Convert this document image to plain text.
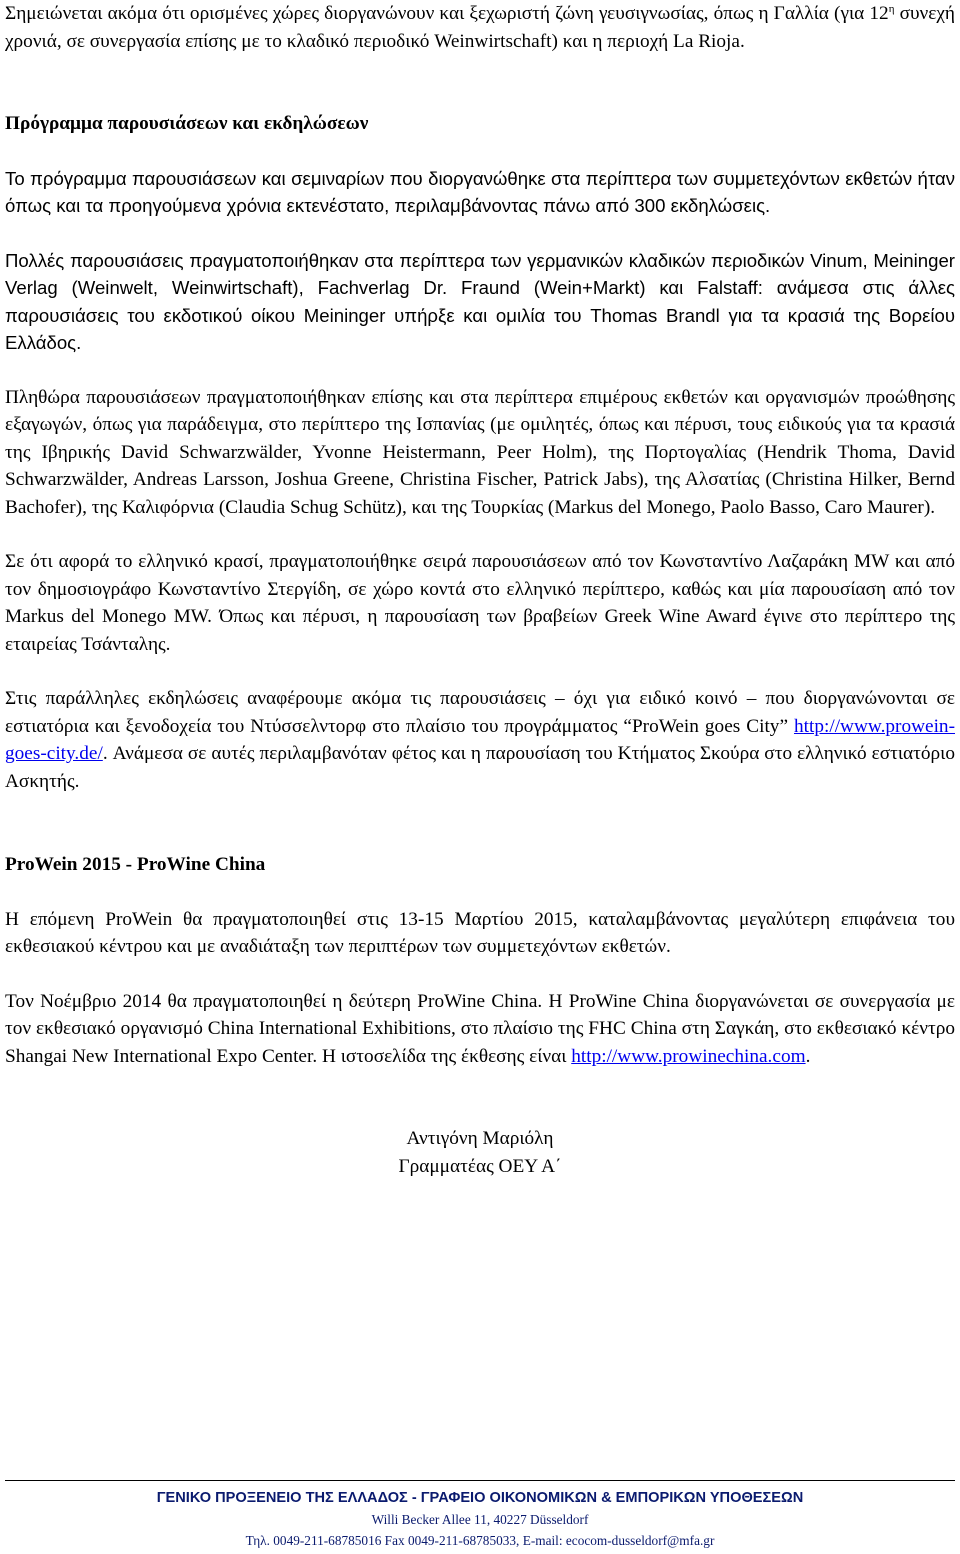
Σημειώνεται ακόμα ότι ορισμένες χώρες διοργανώνουν και ξεχωριστή ζώνη γευσιγνωσίας, όπως η Γαλλία (για $12^\eta$ συνεχή χρονιά, σε συνεργασία επίσης με το κλαδικό περιοδικό Weinwirtschaft) και η περιοχή La Rioja.

Πρόγραμμα παρουσιάσεων και εκδηλώσεων

Το πρόγραμμα παρουσιάσεων και σεμιναρίων που διοργανώθηκε στα περίπτερα των συμμετεχόντων εκθετών ήταν όπως και τα προηγούμενα χρόνια εκτενέστατο, περιλαμβάνοντας πάνω από 300 εκδηλώσεις.

Πολλές παρουσιάσεις πραγματοποιήθηκαν στα περίπτερα των γερμανικών κλαδικών περιοδικών Vinum, Meininger Verlag (Weinwelt, Weinwirtschaft), Fachverlag Dr. Fraund (Wein+Markt) και Falstaff: ανάμεσα στις άλλες παρουσιάσεις του εκδοτικού οίκου Meininger υπήρξε και ομιλία του Thomas Brandl για τα κρασιά της Βορείου Ελλάδος.

Πληθώρα παρουσιάσεων πραγματοποιήθηκαν επίσης και στα περίπτερα επιμέρους εκθετών και οργανισμών προώθησης εξαγωγών, όπως για παράδειγμα, στο περίπτερο της Ισπανίας (με ομιλητές, όπως και πέρυσι, τους ειδικούς για τα κρασιά της Ιβηρικής David Schwarzwälder, Yvonne Heistermann, Peer Holm), της Πορτογαλίας (Hendrik Thoma, David Schwarzwälder, Andreas Larsson, Joshua Greene, Christina Fischer, Patrick Jabs), της Αλσατίας (Christina Hilker, Bernd Bachofer), της Καλιφόρνια (Claudia Schug Schütz), και της Τουρκίας (Markus del Monego, Paolo Basso, Caro Maurer).

Σε ότι αφορά το ελληνικό κρασί, πραγματοποιήθηκε σειρά παρουσιάσεων από τον Κωνσταντίνο Λαζαράκη MW και από τον δημοσιογράφο Κωνσταντίνο Στεργίδη, σε χώρο κοντά στο ελληνικό περίπτερο, καθώς και μία παρουσίαση από τον Markus del Monego MW. Όπως και πέρυσι, η παρουσίαση των βραβείων Greek Wine Award έγινε στο περίπτερο της εταιρείας Τσάνταλης.

Στις παράλληλες εκδηλώσεις αναφέρουμε ακόμα τις παρουσιάσεις – όχι για ειδικό κοινό – που διοργανώνονται σε εστιατόρια και ξενοδοχεία του Ντύσσελντορφ στο πλαίσιο του προγράμματος “ProWein goes City” http://www.prowein-goes-city.de/. Ανάμεσα σε αυτές περιλαμβανόταν φέτος και η παρουσίαση του Κτήματος Σκούρα στο ελληνικό εστιατόριο Ασκητής.

ProWein 2015 - ProWine China

Η επόμενη ProWein θα πραγματοποιηθεί στις 13-15 Μαρτίου 2015, καταλαμβάνοντας μεγαλύτερη επιφάνεια του εκθεσιακού κέντρου και με αναδιάταξη των περιπτέρων των συμμετεχόντων εκθετών.

Τον Νοέμβριο 2014 θα πραγματοποιηθεί η δεύτερη ProWine China. Η ProWine China διοργανώνεται σε συνεργασία με τον εκθεσιακό οργανισμό China International Exhibitions, στο πλαίσιο της FHC China στη Σαγκάη, στο εκθεσιακό κέντρο Shangai New International Expo Center. Η ιστοσελίδα της έκθεσης είναι http://www.prowinechina.com.

Αντιγόνη Μαριόλη

Γραμματέας ΟΕΥ Α΄

ΓΕΝΙΚΟ ΠΡΟΞΕΝΕΙΟ ΤΗΣ ΕΛΛΑΔΟΣ - ΓΡΑΦΕΙΟ ΟΙΚΟΝΟΜΙΚΩΝ & ΕΜΠΟΡΙΚΩΝ ΥΠΟΘΕΣΕΩΝ
Willi Becker Allee 11, 40227 Düsseldorf
Τηλ. 0049-211-68785016 Fax 0049-211-68785033, E-mail: ecocom-dusseldorf@mfa.gr
